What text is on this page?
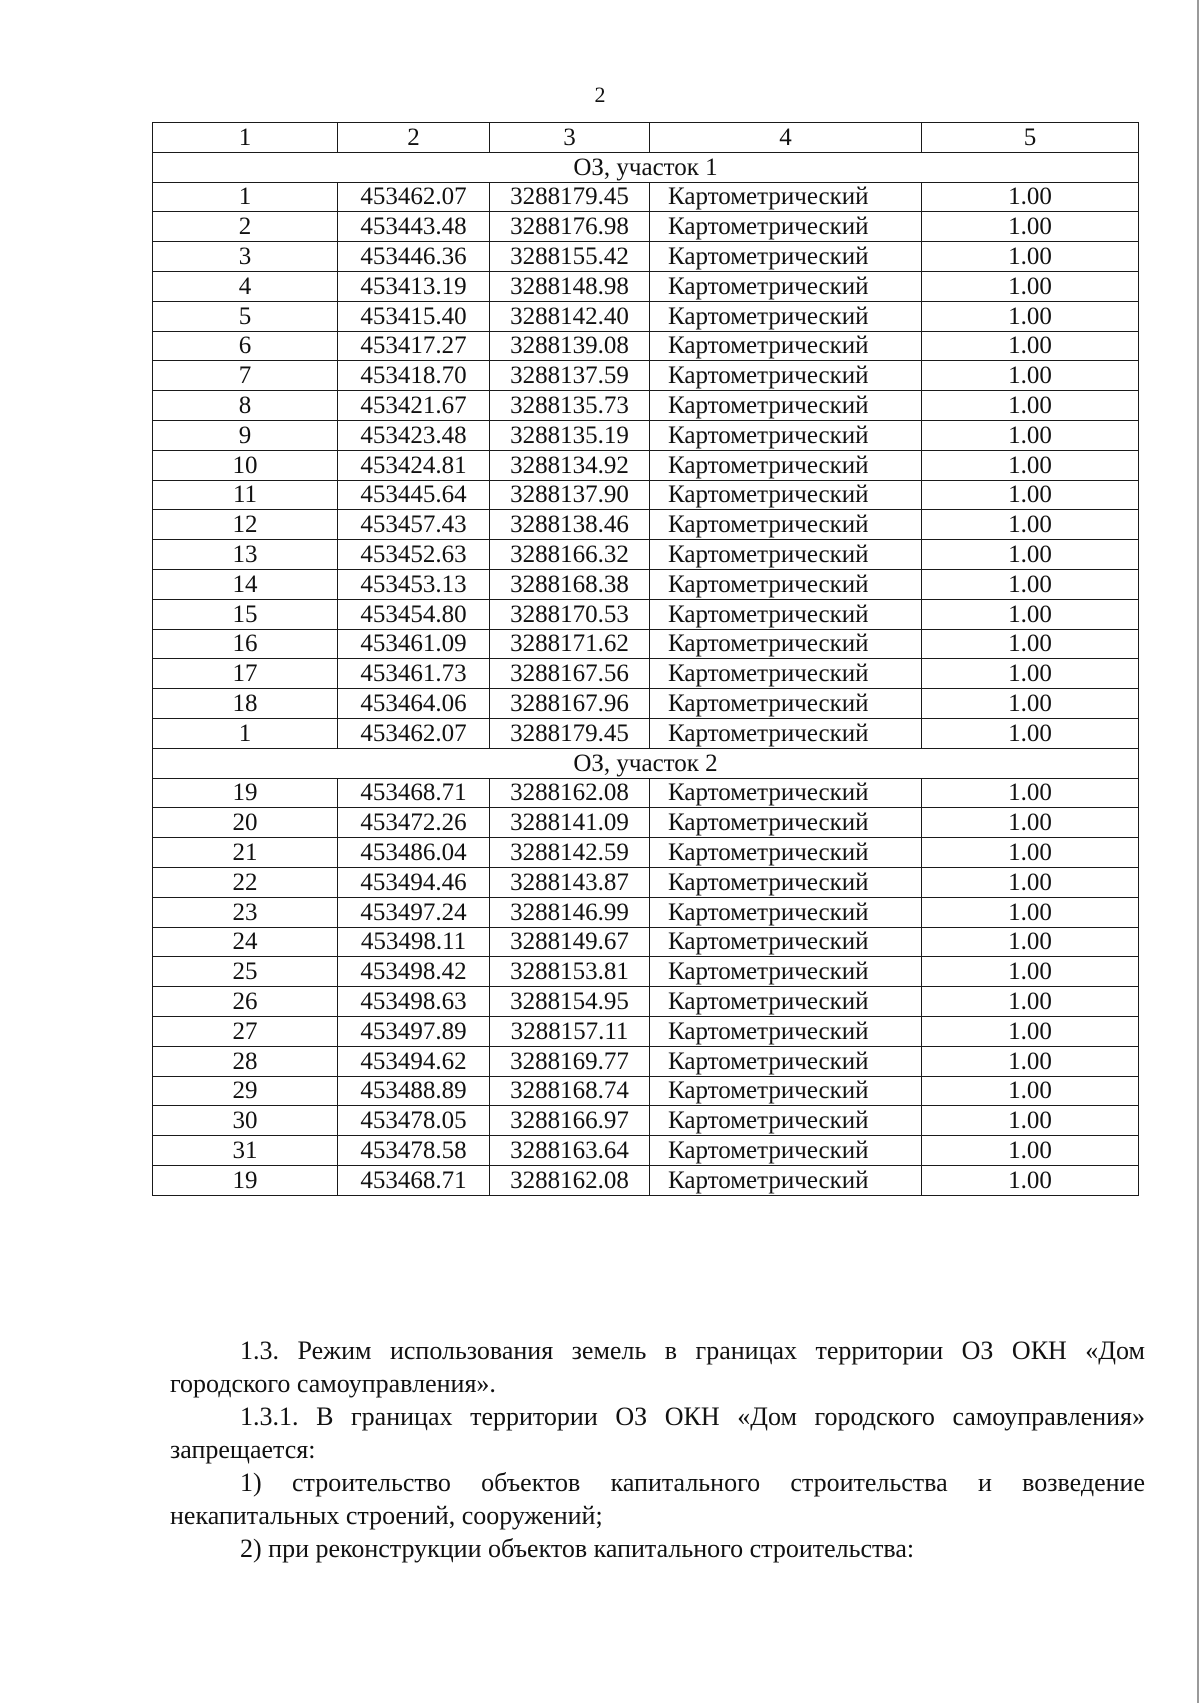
2
1	2	3	4	5
ОЗ, участок 1				
1	453462.07	3288179.45	Картометрический	1.00
2	453443.48	3288176.98	Картометрический	1.00
3	453446.36	3288155.42	Картометрический	1.00
4	453413.19	3288148.98	Картометрический	1.00
5	453415.40	3288142.40	Картометрический	1.00
6	453417.27	3288139.08	Картометрический	1.00
7	453418.70	3288137.59	Картометрический	1.00
8	453421.67	3288135.73	Картометрический	1.00
9	453423.48	3288135.19	Картометрический	1.00
10	453424.81	3288134.92	Картометрический	1.00
11	453445.64	3288137.90	Картометрический	1.00
12	453457.43	3288138.46	Картометрический	1.00
13	453452.63	3288166.32	Картометрический	1.00
14	453453.13	3288168.38	Картометрический	1.00
15	453454.80	3288170.53	Картометрический	1.00
16	453461.09	3288171.62	Картометрический	1.00
17	453461.73	3288167.56	Картометрический	1.00
18	453464.06	3288167.96	Картометрический	1.00
1	453462.07	3288179.45	Картометрический	1.00
ОЗ, участок 2				
19	453468.71	3288162.08	Картометрический	1.00
20	453472.26	3288141.09	Картометрический	1.00
21	453486.04	3288142.59	Картометрический	1.00
22	453494.46	3288143.87	Картометрический	1.00
23	453497.24	3288146.99	Картометрический	1.00
24	453498.11	3288149.67	Картометрический	1.00
25	453498.42	3288153.81	Картометрический	1.00
26	453498.63	3288154.95	Картометрический	1.00
27	453497.89	3288157.11	Картометрический	1.00
28	453494.62	3288169.77	Картометрический	1.00
29	453488.89	3288168.74	Картометрический	1.00
30	453478.05	3288166.97	Картометрический	1.00
31	453478.58	3288163.64	Картометрический	1.00
19	453468.71	3288162.08	Картометрический	1.00

1.3. Режим использования земель в границах территории ОЗ ОКН «Дом городского самоуправления».

1.3.1. В границах территории ОЗ ОКН «Дом городского самоуправления» запрещается:

1) строительство объектов капитального строительства и возведение некапитальных строений, сооружений;

2) при реконструкции объектов капитального строительства:
